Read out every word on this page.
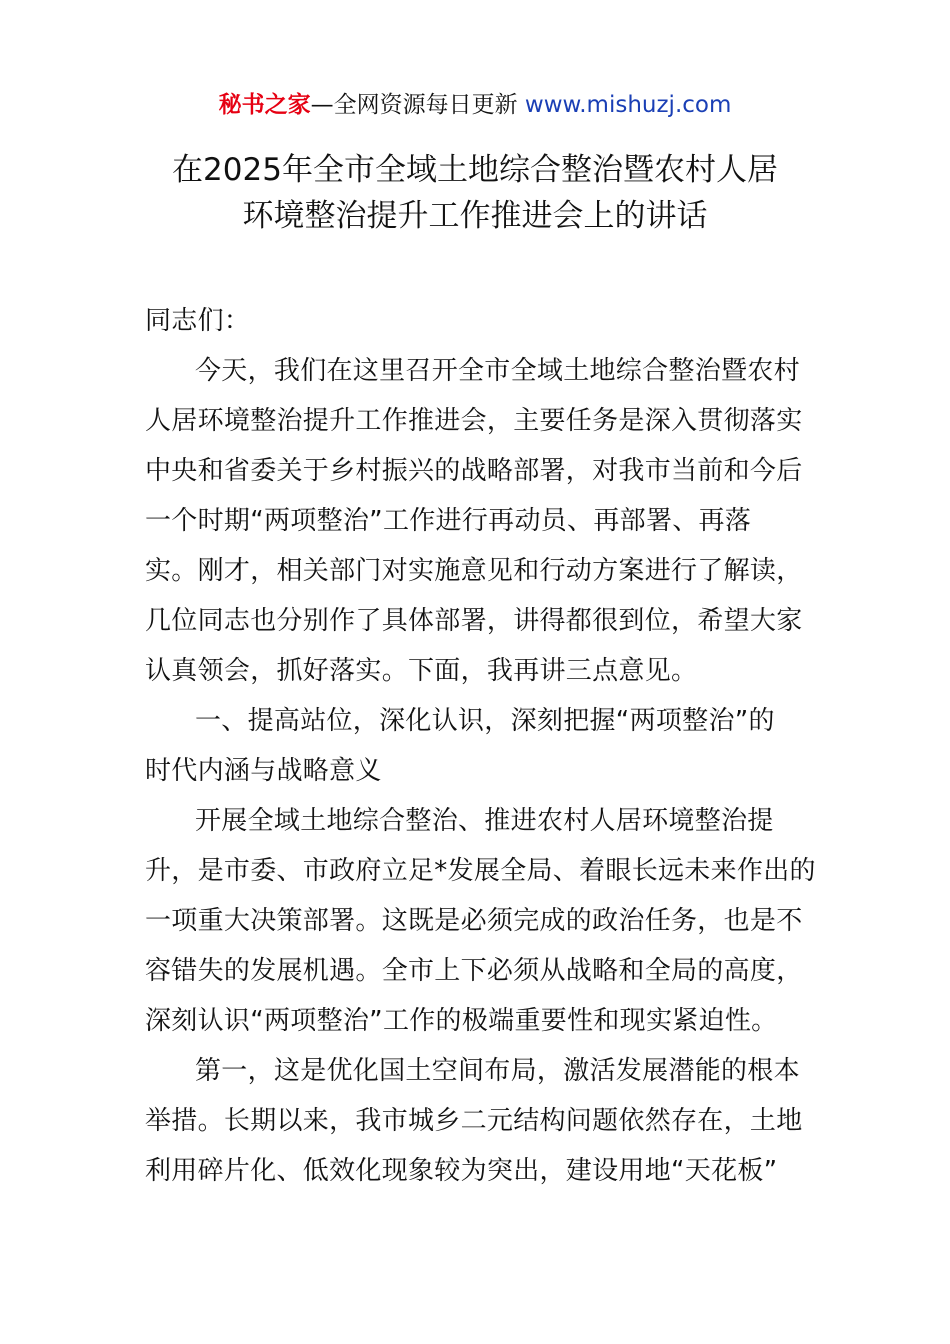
秘书之家—全网资源每日更新 www.mishuzj.com
在2025年全市全域土地综合整治暨农村人居
环境整治提升工作推进会上的讲话
同志们：
今天，我们在这里召开全市全域土地综合整治暨农村
人居环境整治提升工作推进会，主要任务是深入贯彻落实
中央和省委关于乡村振兴的战略部署，对我市当前和今后
一个时期“两项整治”工作进行再动员、再部署、再落
实。刚才，相关部门对实施意见和行动方案进行了解读，
几位同志也分别作了具体部署，讲得都很到位，希望大家
认真领会，抓好落实。下面，我再讲三点意见。
一、提高站位，深化认识，深刻把握“两项整治”的
时代内涵与战略意义
开展全域土地综合整治、推进农村人居环境整治提
升，是市委、市政府立足*发展全局、着眼长远未来作出的
一项重大决策部署。这既是必须完成的政治任务，也是不
容错失的发展机遇。全市上下必须从战略和全局的高度，
深刻认识“两项整治”工作的极端重要性和现实紧迫性。
第一，这是优化国土空间布局，激活发展潜能的根本
举措。长期以来，我市城乡二元结构问题依然存在，土地
利用碎片化、低效化现象较为突出，建设用地“天花板”
